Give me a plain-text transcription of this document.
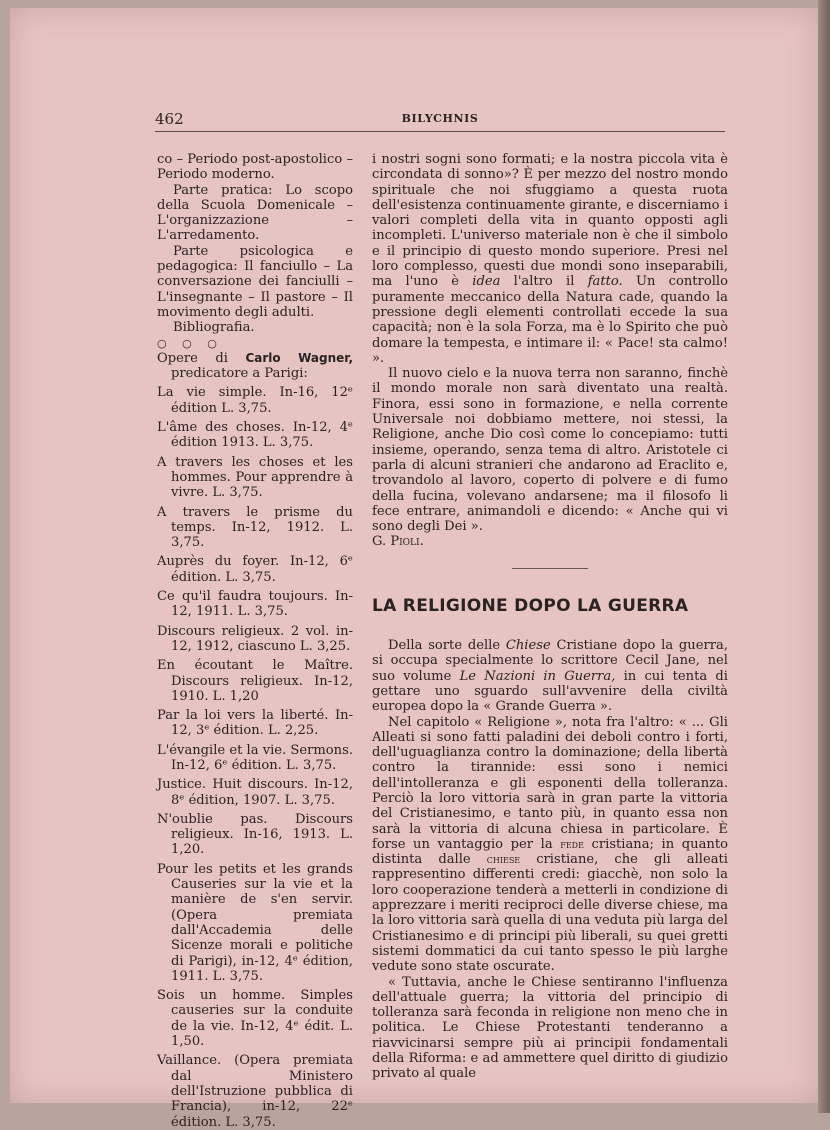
462	BILYCHNIS

co – Periodo post-apostolico – Periodo moderno.

Parte pratica: Lo scopo della Scuola Domenicale – L'organizzazione – L'arredamento.

Parte psicologica e pedagogica: Il fanciullo – La conversazione dei fanciulli – L'insegnante – Il pastore – Il movimento degli adulti.

Bibliografia.

○ ○ ○

Opere di Carlo Wagner, predicatore a Parigi:

La vie simple. In-16, 12ᵉ édition L. 3,75.

L'âme des choses. In-12, 4ᵉ édition 1913. L. 3,75.

A travers les choses et les hommes. Pour apprendre à vivre. L. 3,75.

A travers le prisme du temps. In-12, 1912. L. 3,75.

Auprès du foyer. In-12, 6ᵉ édition. L. 3,75.

Ce qu'il faudra toujours. In-12, 1911. L. 3,75.

Discours religieux. 2 vol. in-12, 1912, ciascuno L. 3,25.

En écoutant le Maître. Discours religieux. In-12, 1910. L. 1,20

Par la loi vers la liberté. In-12, 3ᵉ édition. L. 2,25.

L'évangile et la vie. Sermons. In-12, 6ᵉ édition. L. 3,75.

Justice. Huit discours. In-12, 8ᵉ édition, 1907. L. 3,75.

N'oublie pas. Discours religieux. In-16, 1913. L. 1,20.

Pour les petits et les grands Causeries sur la vie et la manière de s'en servir. (Opera premiata dall'Accademia delle Sicenze morali e politiche di Parigi), in-12, 4ᵉ édition, 1911. L. 3,75.

Sois un homme. Simples causeries sur la conduite de la vie. In-12, 4ᵉ édit. L. 1,50.

Vaillance. (Opera premiata dal Ministero dell'Istruzione pubblica di Francia), in-12, 22ᵉ édition. L. 3,75.

i nostri sogni sono formati; e la nostra piccola vita è circondata di sonno»? È per mezzo del nostro mondo spirituale che noi sfuggiamo a questa ruota dell'esistenza continuamente girante, e discerniamo i valori completi della vita in quanto opposti agli incompleti. L'universo materiale non è che il simbolo e il principio di questo mondo superiore. Presi nel loro complesso, questi due mondi sono inseparabili, ma l'uno è idea l'altro il fatto. Un controllo puramente meccanico della Natura cade, quando la pressione degli elementi controllati eccede la sua capacità; non è la sola Forza, ma è lo Spirito che può domare la tempesta, e intimare il: « Pace! sta calmo! ».

Il nuovo cielo e la nuova terra non saranno, finchè il mondo morale non sarà diventato una realtà. Finora, essi sono in formazione, e nella corrente Universale noi dobbiamo mettere, noi stessi, la Religione, anche Dio così come lo concepiamo: tutti insieme, operando, senza tema di altro. Aristotele ci parla di alcuni stranieri che andarono ad Eraclito e, trovandolo al lavoro, coperto di polvere e di fumo della fucina, volevano andarsene; ma il filosofo li fece entrare, animandoli e dicendo: « Anche qui vi sono degli Dei ».

G. Pioli.

LA RELIGIONE DOPO LA GUERRA

Della sorte delle Chiese Cristiane dopo la guerra, si occupa specialmente lo scrittore Cecil Jane, nel suo volume Le Nazioni in Guerra, in cui tenta di gettare uno sguardo sull'avvenire della civiltà europea dopo la « Grande Guerra ».

Nel capitolo « Religione », nota fra l'altro: « ... Gli Alleati si sono fatti paladini dei deboli contro i forti, dell'uguaglianza contro la dominazione; della libertà contro la tirannide: essi sono i nemici dell'intolleranza e gli esponenti della tolleranza. Perciò la loro vittoria sarà in gran parte la vittoria del Cristianesimo, e tanto più, in quanto essa non sarà la vittoria di alcuna chiesa in particolare. È forse un vantaggio per la fede cristiana; in quanto distinta dalle chiese cristiane, che gli alleati rappresentino differenti credi: giacchè, non solo la loro cooperazione tenderà a metterli in condizione di apprezzare i meriti reciproci delle diverse chiese, ma la loro vittoria sarà quella di una veduta più larga del Cristianesimo e di principi più liberali, su quei gretti sistemi dommatici da cui tanto spesso le più larghe vedute sono state oscurate.

« Tuttavia, anche le Chiese sentiranno l'influenza dell'attuale guerra; la vittoria del principio di tolleranza sarà feconda in religione non meno che in politica. Le Chiese Protestanti tenderanno a riavvicinarsi sempre più ai principii fondamentali della Riforma: e ad ammettere quel diritto di giudizio privato al quale
